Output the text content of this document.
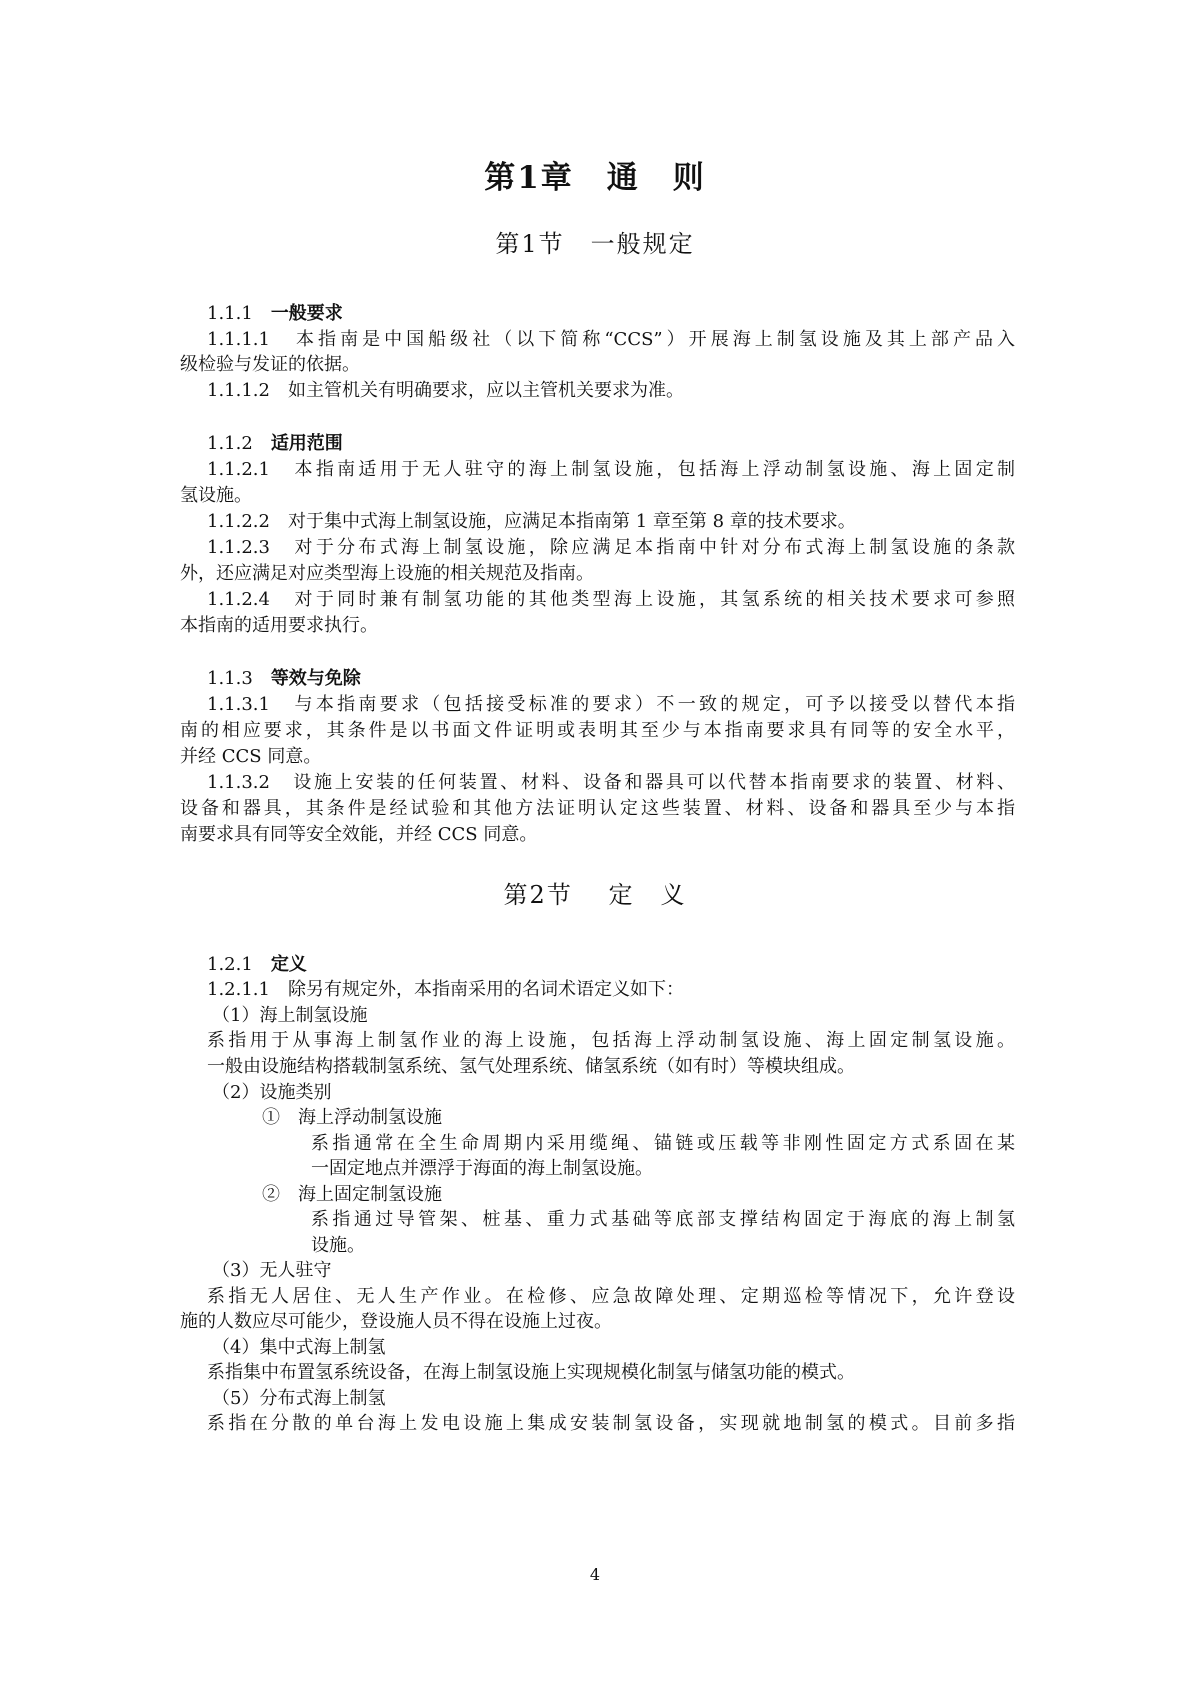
第1章　通　则
第1节　一般规定
1.1.1　 一般要求
1.1.1.1　本指南是中国船级社（以下简称“CCS”）开展海上制氢设施及其上部产品入
级检验与发证的依据。
1.1.1.2　如主管机关有明确要求，应以主管机关要求为准。
1.1.2　 适用范围
1.1.2.1　本指南适用于无人驻守的海上制氢设施，包括海上浮动制氢设施、海上固定制
氢设施。
1.1.2.2　对于集中式海上制氢设施，应满足本指南第 1 章至第 8 章的技术要求。
1.1.2.3　对于分布式海上制氢设施，除应满足本指南中针对分布式海上制氢设施的条款
外，还应满足对应类型海上设施的相关规范及指南。
1.1.2.4　对于同时兼有制氢功能的其他类型海上设施，其氢系统的相关技术要求可参照
本指南的适用要求执行。
1.1.3　 等效与免除
1.1.3.1　与本指南要求（包括接受标准的要求）不一致的规定，可予以接受以替代本指
南的相应要求，其条件是以书面文件证明或表明其至少与本指南要求具有同等的安全水平，
并经 CCS 同意。
1.1.3.2　设施上安装的任何装置、材料、设备和器具可以代替本指南要求的装置、材料、
设备和器具，其条件是经试验和其他方法证明认定这些装置、材料、设备和器具至少与本指
南要求具有同等安全效能，并经 CCS 同意。
第2节　 定　义
1.2.1　 定义
1.2.1.1　除另有规定外，本指南采用的名词术语定义如下：
（1）海上制氢设施
系指用于从事海上制氢作业的海上设施，包括海上浮动制氢设施、海上固定制氢设施。
一般由设施结构搭载制氢系统、氢气处理系统、储氢系统（如有时）等模块组成。
（2）设施类别
①　海上浮动制氢设施
系指通常在全生命周期内采用缆绳、锚链或压载等非刚性固定方式系固在某
一固定地点并漂浮于海面的海上制氢设施。
②　海上固定制氢设施
系指通过导管架、桩基、重力式基础等底部支撑结构固定于海底的海上制氢
设施。
（3）无人驻守
系指无人居住、无人生产作业。在检修、应急故障处理、定期巡检等情况下，允许登设
施的人数应尽可能少，登设施人员不得在设施上过夜。
（4）集中式海上制氢
系指集中布置氢系统设备，在海上制氢设施上实现规模化制氢与储氢功能的模式。
（5）分布式海上制氢
系指在分散的单台海上发电设施上集成安装制氢设备，实现就地制氢的模式。目前多指
4
